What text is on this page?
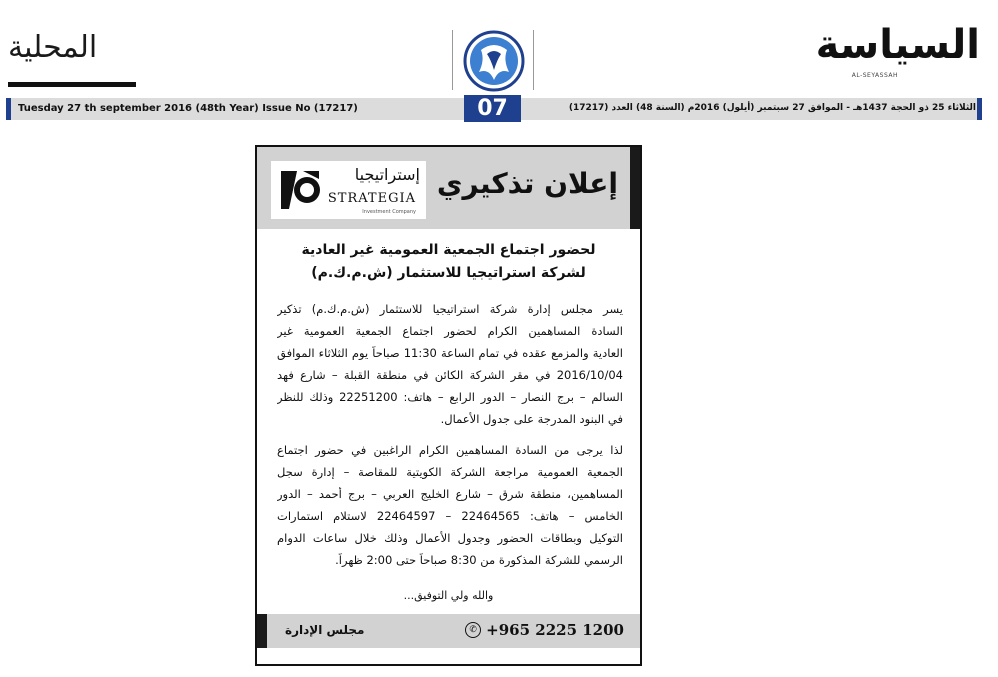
المحلية	السياسة
AL-SEYASSAH
Tuesday 27 th september 2016 (48th Year) Issue No (17217)	الثلاثاء 25 ذو الحجة 1437هـ - الموافق 27 سبتمبر (أيلول) 2016م (السنة 48) العدد (17217)
07
إعلان تذكيري
إستراتيجيا
STRATEGIA
Investment Company
لحضور اجتماع الجمعية العمومية غير العادية
لشركة استراتيجيا للاستثمار (ش.م.ك.م)
يسر مجلس إدارة شركة استراتيجيا للاستثمار (ش.م.ك.م) تذكير
السادة المساهمين الكرام لحضور اجتماع الجمعية العمومية غير
العادية والمزمع عقده في تمام الساعة 11:30 صباحاً يوم الثلاثاء الموافق
2016/10/04 في مقر الشركة الكائن في منطقة القبلة – شارع فهد
السالم – برج النصار – الدور الرابع – هاتف: 22251200 وذلك للنظر
في البنود المدرجة على جدول الأعمال.
لذا يرجى من السادة المساهمين الكرام الراغبين في حضور اجتماع
الجمعية العمومية مراجعة الشركة الكويتية للمقاصة – إدارة سجل
المساهمين، منطقة شرق – شارع الخليج العربي – برج أحمد – الدور
الخامس – هاتف: 22464565 – 22464597 لاستلام استمارات
التوكيل وبطاقات الحضور وجدول الأعمال وذلك خلال ساعات الدوام
الرسمي للشركة المذكورة من 8:30 صباحاً حتى 2:00 ظهراً.
والله ولي التوفيق...
مجلس الإدارة	✆ +965 2225 1200
